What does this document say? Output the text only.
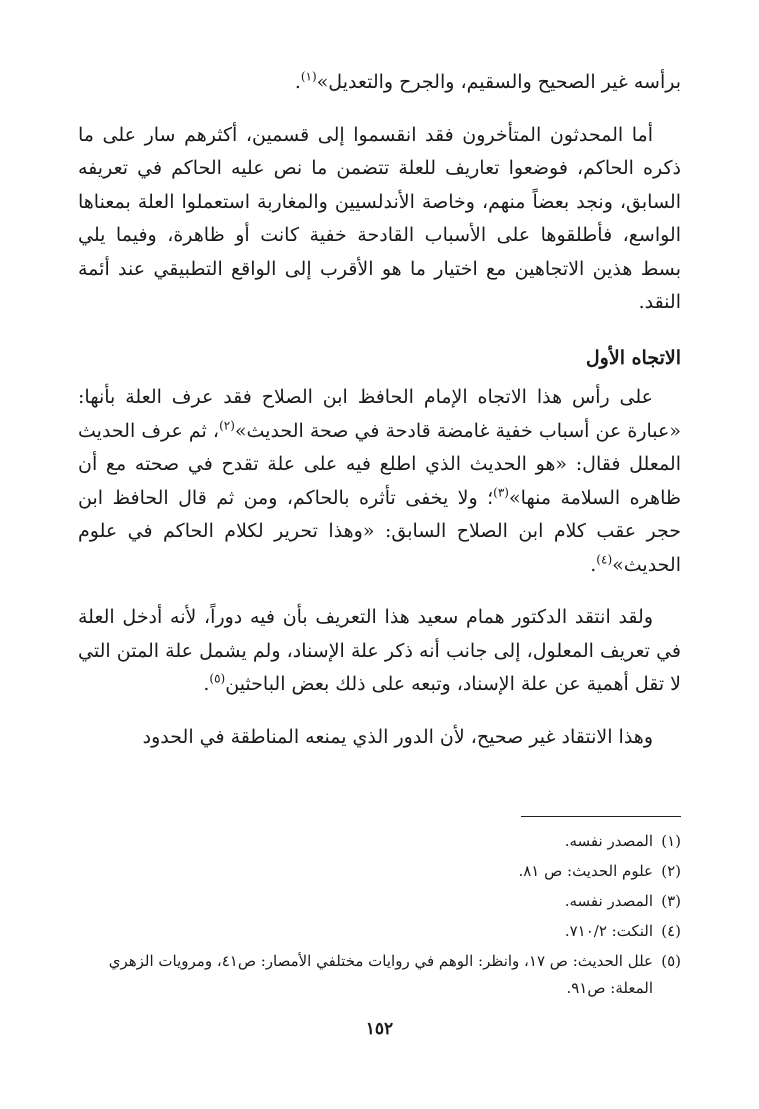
برأسه غير الصحيح والسقيم، والجرح والتعديل»$^{(١)}$.

أما المحدثون المتأخرون فقد انقسموا إلى قسمين، أكثرهم سار على ما ذكره الحاكم، فوضعوا تعاريف للعلة تتضمن ما نص عليه الحاكم في تعريفه السابق، ونجد بعضاً منهم، وخاصة الأندلسيين والمغاربة استعملوا العلة بمعناها الواسع، فأطلقوها على الأسباب القادحة خفية كانت أو ظاهرة، وفيما يلي بسط هذين الاتجاهين مع اختيار ما هو الأقرب إلى الواقع التطبيقي عند أئمة النقد.

الاتجاه الأول

على رأس هذا الاتجاه الإمام الحافظ ابن الصلاح فقد عرف العلة بأنها: «عبارة عن أسباب خفية غامضة قادحة في صحة الحديث»$^{(٢)}$، ثم عرف الحديث المعلل فقال: «هو الحديث الذي اطلع فيه على علة تقدح في صحته مع أن ظاهره السلامة منها»$^{(٣)}$؛ ولا يخفى تأثره بالحاكم، ومن ثم قال الحافظ ابن حجر عقب كلام ابن الصلاح السابق: «وهذا تحرير لكلام الحاكم في علوم الحديث»$^{(٤)}$.

ولقد انتقد الدكتور همام سعيد هذا التعريف بأن فيه دوراً، لأنه أدخل العلة في تعريف المعلول، إلى جانب أنه ذكر علة الإسناد، ولم يشمل علة المتن التي لا تقل أهمية عن علة الإسناد، وتبعه على ذلك بعض الباحثين$^{(٥)}$.

وهذا الانتقاد غير صحيح، لأن الدور الذي يمنعه المناطقة في الحدود

(١)
المصدر نفسه.
(٢)
علوم الحديث: ص ٨١.
(٣)
المصدر نفسه.
(٤)
النكت: ٧١٠/٢.
(٥)
علل الحديث: ص ١٧، وانظر: الوهم في روايات مختلفي الأمصار: ص٤١، ومرويات الزهري المعلة: ص٩١.
١٥٢
